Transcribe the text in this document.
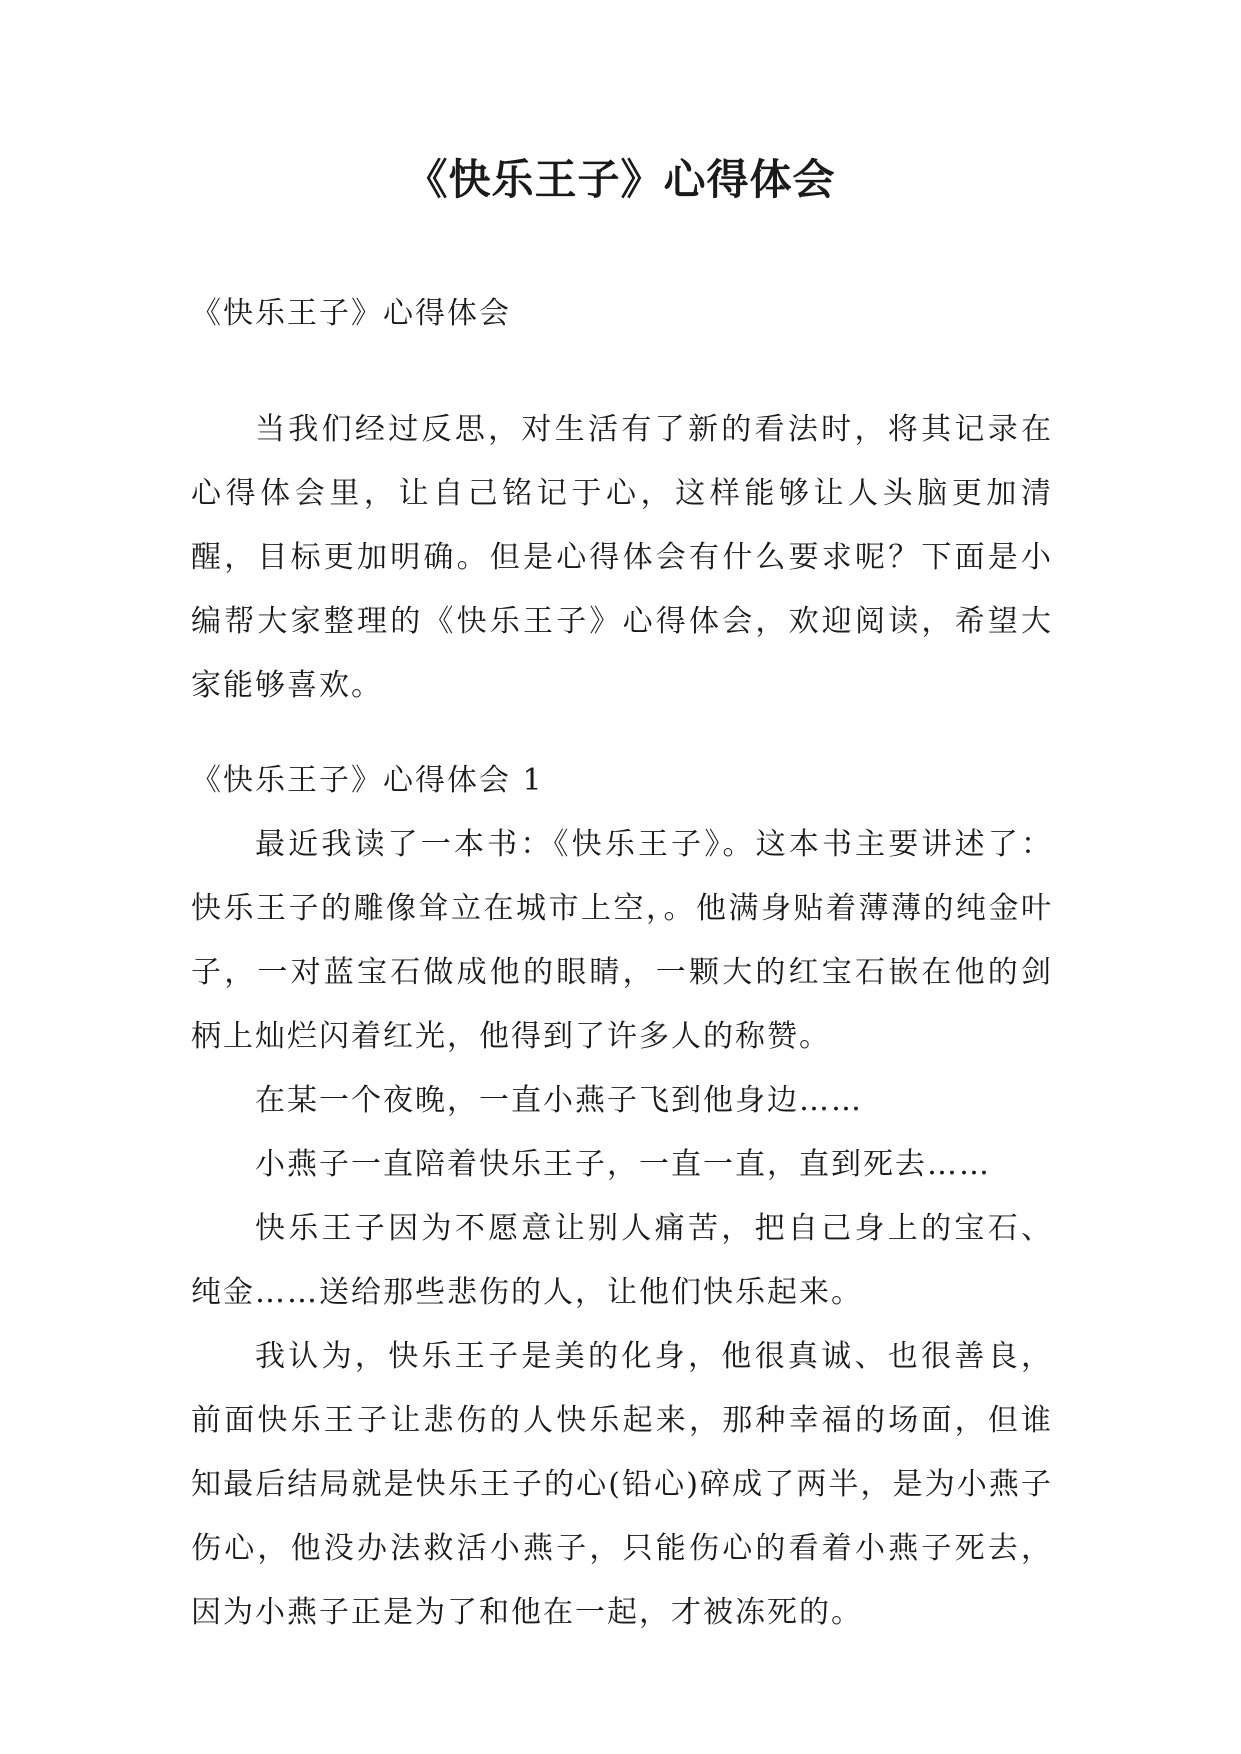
《快乐王子》心得体会

《快乐王子》心得体会

当我们经过反思，对生活有了新的看法时，将其记录在心得体会里，让自己铭记于心，这样能够让人头脑更加清醒，目标更加明确。但是心得体会有什么要求呢？下面是小编帮大家整理的《快乐王子》心得体会，欢迎阅读，希望大家能够喜欢。

《快乐王子》心得体会 1

最近我读了一本书：《快乐王子》。这本书主要讲述了：快乐王子的雕像耸立在城市上空，。他满身贴着薄薄的纯金叶子，一对蓝宝石做成他的眼睛，一颗大的红宝石嵌在他的剑柄上灿烂闪着红光，他得到了许多人的称赞。

在某一个夜晚，一直小燕子飞到他身边……

小燕子一直陪着快乐王子，一直一直，直到死去……

快乐王子因为不愿意让别人痛苦，把自己身上的宝石、纯金……送给那些悲伤的人，让他们快乐起来。

我认为，快乐王子是美的化身，他很真诚、也很善良，前面快乐王子让悲伤的人快乐起来，那种幸福的场面，但谁知最后结局就是快乐王子的心(铅心)碎成了两半，是为小燕子伤心，他没办法救活小燕子，只能伤心的看着小燕子死去，因为小燕子正是为了和他在一起，才被冻死的。
